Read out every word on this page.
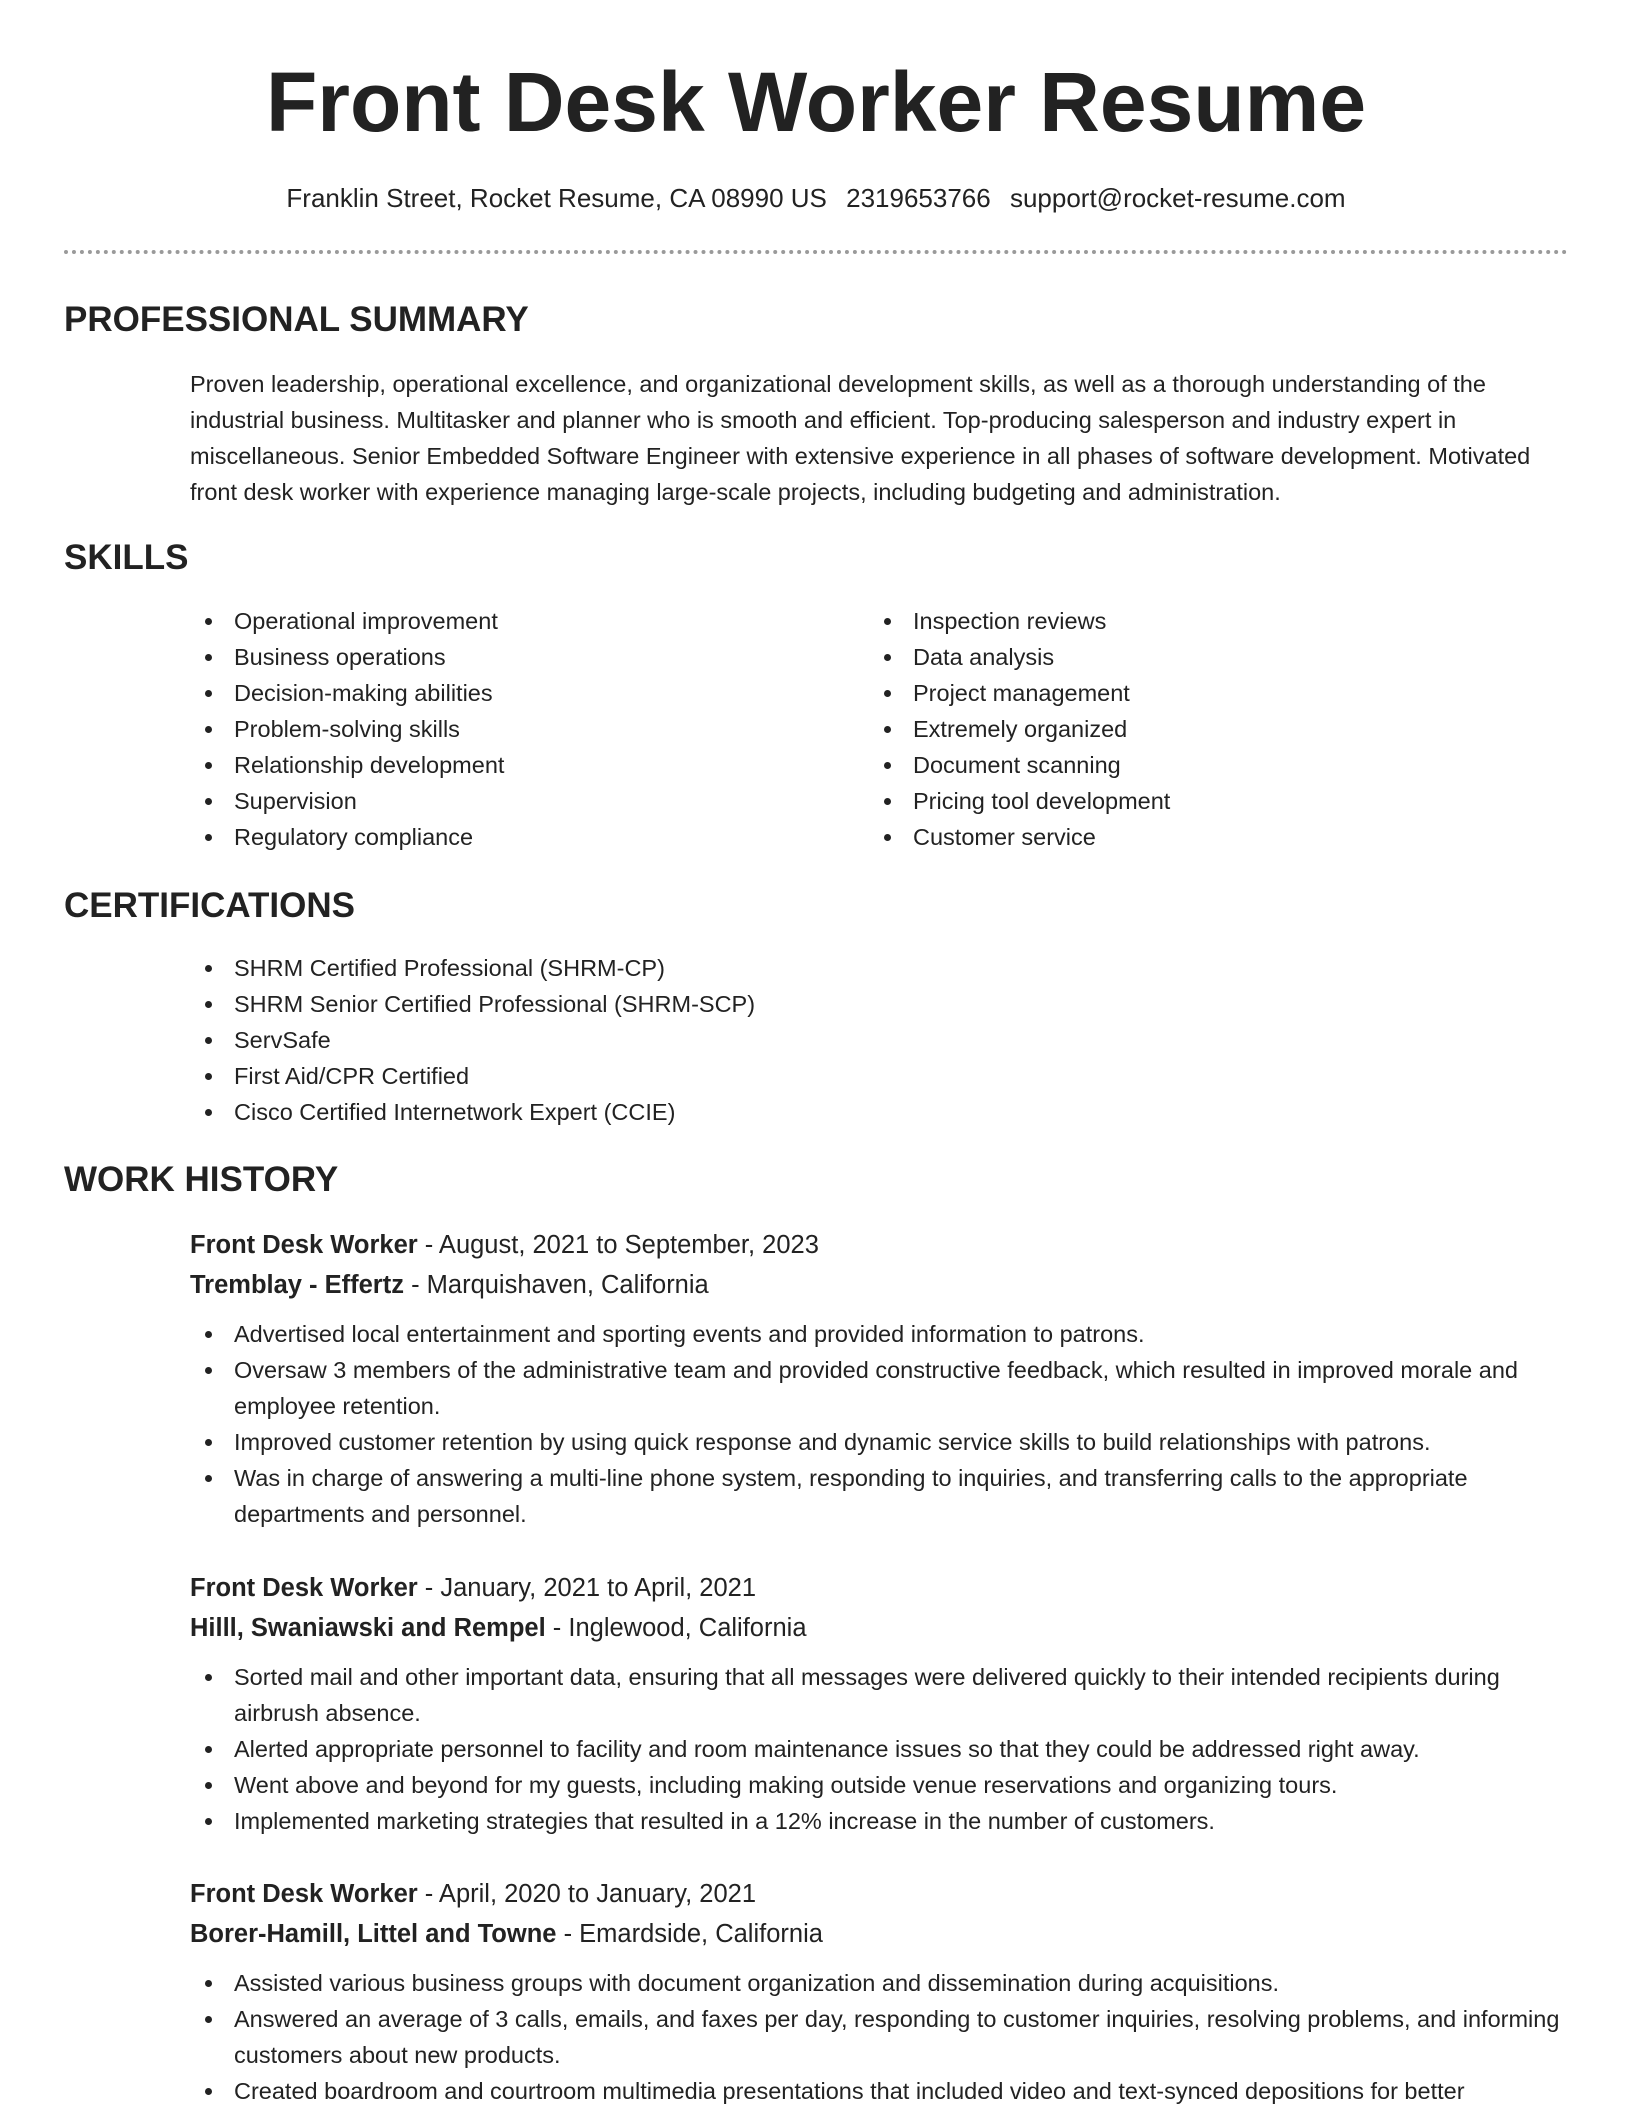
Front Desk Worker Resume
Franklin Street, Rocket Resume, CA 08990 US 2319653766 support@rocket-resume.com
PROFESSIONAL SUMMARY

Proven leadership, operational excellence, and organizational development skills, as well as a thorough understanding of the industrial business. Multitasker and planner who is smooth and efficient. Top-producing salesperson and industry expert in miscellaneous. Senior Embedded Software Engineer with extensive experience in all phases of software development. Motivated front desk worker with experience managing large-scale projects, including budgeting and administration.

SKILLS
Operational improvement
Business operations
Decision-making abilities
Problem-solving skills
Relationship development
Supervision
Regulatory compliance
Inspection reviews
Data analysis
Project management
Extremely organized
Document scanning
Pricing tool development
Customer service
CERTIFICATIONS
SHRM Certified Professional (SHRM-CP)
SHRM Senior Certified Professional (SHRM-SCP)
ServSafe
First Aid/CPR Certified
Cisco Certified Internetwork Expert (CCIE)
WORK HISTORY

Front Desk Worker - August, 2021 to September, 2023

Tremblay - Effertz - Marquishaven, California

Advertised local entertainment and sporting events and provided information to patrons.
Oversaw 3 members of the administrative team and provided constructive feedback, which resulted in improved morale and employee retention.
Improved customer retention by using quick response and dynamic service skills to build relationships with patrons.
Was in charge of answering a multi-line phone system, responding to inquiries, and transferring calls to the appropriate departments and personnel.

Front Desk Worker - January, 2021 to April, 2021

Hilll, Swaniawski and Rempel - Inglewood, California

Sorted mail and other important data, ensuring that all messages were delivered quickly to their intended recipients during airbrush absence.
Alerted appropriate personnel to facility and room maintenance issues so that they could be addressed right away.
Went above and beyond for my guests, including making outside venue reservations and organizing tours.
Implemented marketing strategies that resulted in a 12% increase in the number of customers.

Front Desk Worker - April, 2020 to January, 2021

Borer-Hamill, Littel and Towne - Emardside, California

Assisted various business groups with document organization and dissemination during acquisitions.
Answered an average of 3 calls, emails, and faxes per day, responding to customer inquiries, resolving problems, and informing customers about new products.
Created boardroom and courtroom multimedia presentations that included video and text-synced depositions for better
